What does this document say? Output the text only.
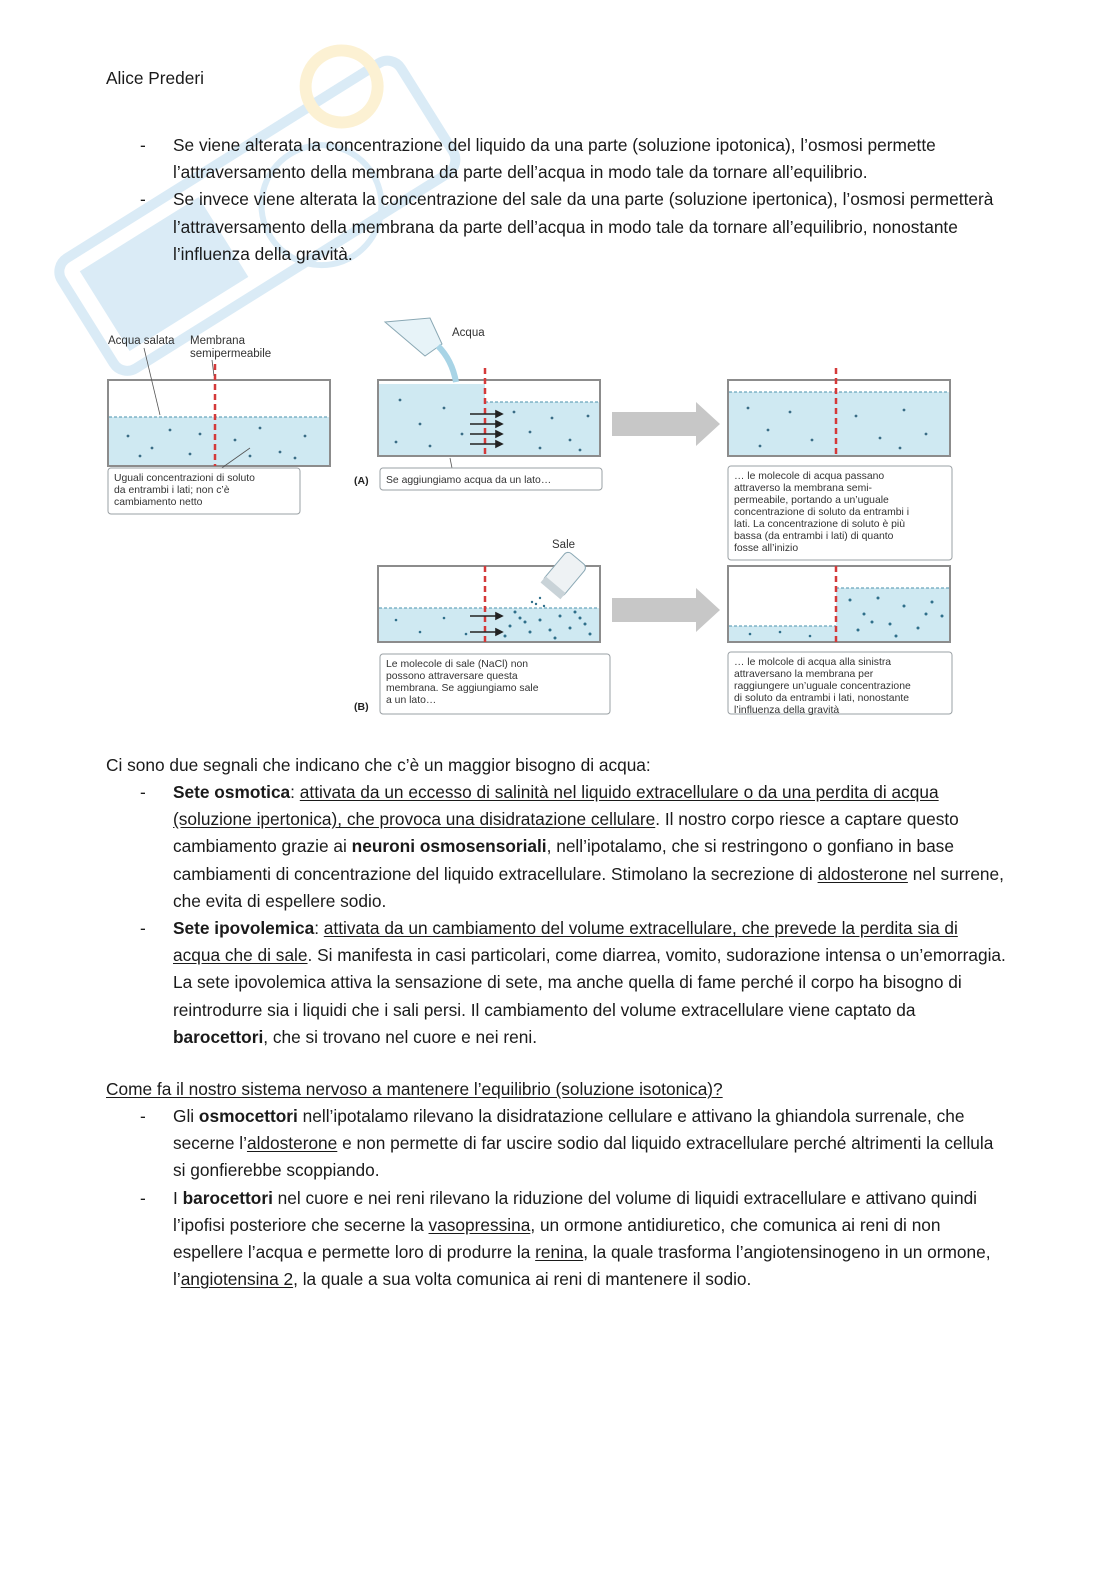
Alice Prederi

- Se viene alterata la concentrazione del liquido da una parte (soluzione ipotonica), l’osmosi permette l’attraversamento della membrana da parte dell’acqua in modo tale da tornare all’equilibrio.
- Se invece viene alterata la concentrazione del sale da una parte (soluzione ipertonica), l’osmosi permetterà l’attraversamento della membrana da parte dell’acqua in modo tale da tornare all’equilibrio, nonostante l’influenza della gravità.
Acqua salata Membrana
semipermeabile
Uguali concentrazioni di soluto
da entrambi i lati; non c’è
cambiamento netto
Acqua
(A) Se aggiungiamo acqua da un lato…	… le molecole di acqua passano
attraverso la membrana semi-
permeabile, portando a un’uguale
concentrazione di soluto da entrambi i
lati. La concentrazione di soluto è più
bassa (da entrambi i lati) di quanto
fosse all’inizio
Sale
Le molecole di sale (NaCl) non
possono attraversare questa
membrana. Se aggiungiamo sale
a un lato…
(B)
… le molcole di acqua alla sinistra
attraversano la membrana per
raggiungere un’uguale concentrazione
di soluto da entrambi i lati, nonostante
l’influenza della gravità

Ci sono due segnali che indicano che c’è un maggior bisogno di acqua:

- Sete osmotica: attivata da un eccesso di salinità nel liquido extracellulare o da una perdita di acqua (soluzione ipertonica), che provoca una disidratazione cellulare. Il nostro corpo riesce a captare questo cambiamento grazie ai neuroni osmosensoriali, nell’ipotalamo, che si restringono o gonfiano in base cambiamenti di concentrazione del liquido extracellulare. Stimolano la secrezione di aldosterone nel surrene, che evita di espellere sodio.
- Sete ipovolemica: attivata da un cambiamento del volume extracellulare, che prevede la perdita sia di acqua che di sale. Si manifesta in casi particolari, come diarrea, vomito, sudorazione intensa o un’emorragia. La sete ipovolemica attiva la sensazione di sete, ma anche quella di fame perché il corpo ha bisogno di reintrodurre sia i liquidi che i sali persi. Il cambiamento del volume extracellulare viene captato da barocettori, che si trovano nel cuore e nei reni.

Come fa il nostro sistema nervoso a mantenere l’equilibrio (soluzione isotonica)?

- Gli osmocettori nell’ipotalamo rilevano la disidratazione cellulare e attivano la ghiandola surrenale, che secerne l’aldosterone e non permette di far uscire sodio dal liquido extracellulare perché altrimenti la cellula si gonfierebbe scoppiando.
- I barocettori nel cuore e nei reni rilevano la riduzione del volume di liquidi extracellulare e attivano quindi l’ipofisi posteriore che secerne la vasopressina, un ormone antidiuretico, che comunica ai reni di non espellere l’acqua e permette loro di produrre la renina, la quale trasforma l’angiotensinogeno in un ormone, l’angiotensina 2, la quale a sua volta comunica ai reni di mantenere il sodio.
